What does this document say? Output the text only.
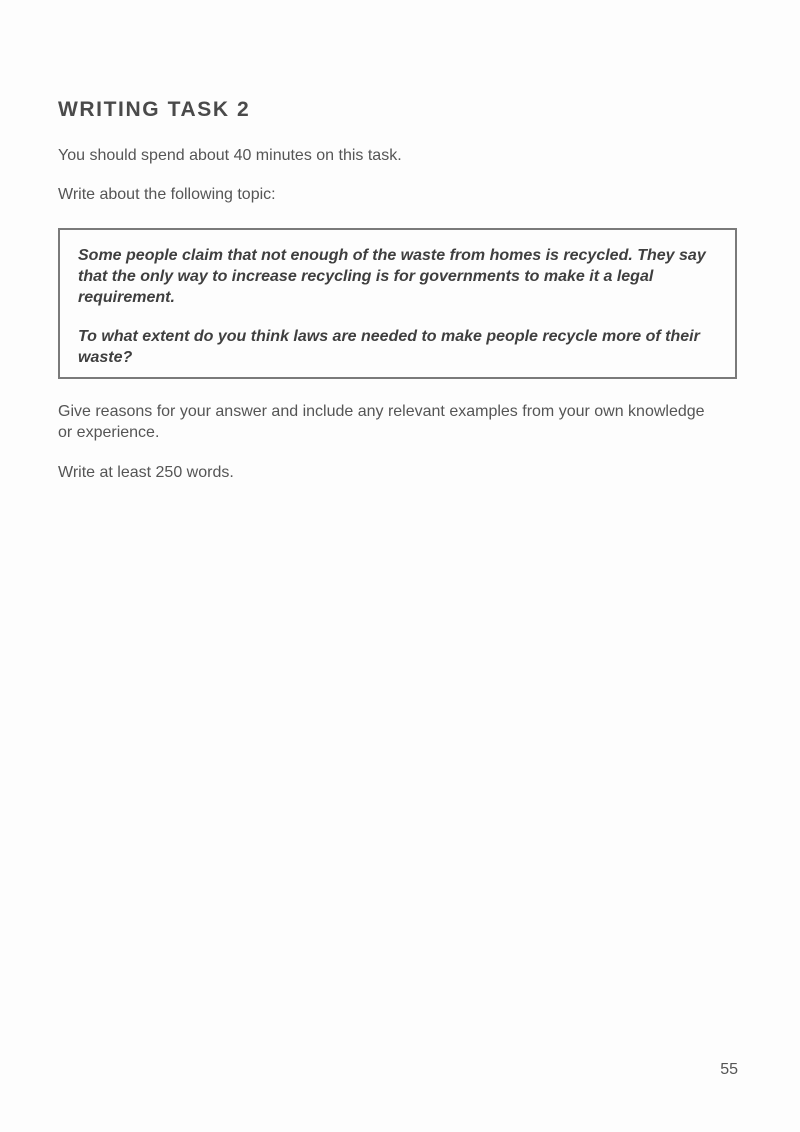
WRITING TASK 2

You should spend about 40 minutes on this task.

Write about the following topic:

Some people claim that not enough of the waste from homes is recycled. They say that the only way to increase recycling is for governments to make it a legal requirement.

To what extent do you think laws are needed to make people recycle more of their waste?

Give reasons for your answer and include any relevant examples from your own knowledge or experience.

Write at least 250 words.

55
